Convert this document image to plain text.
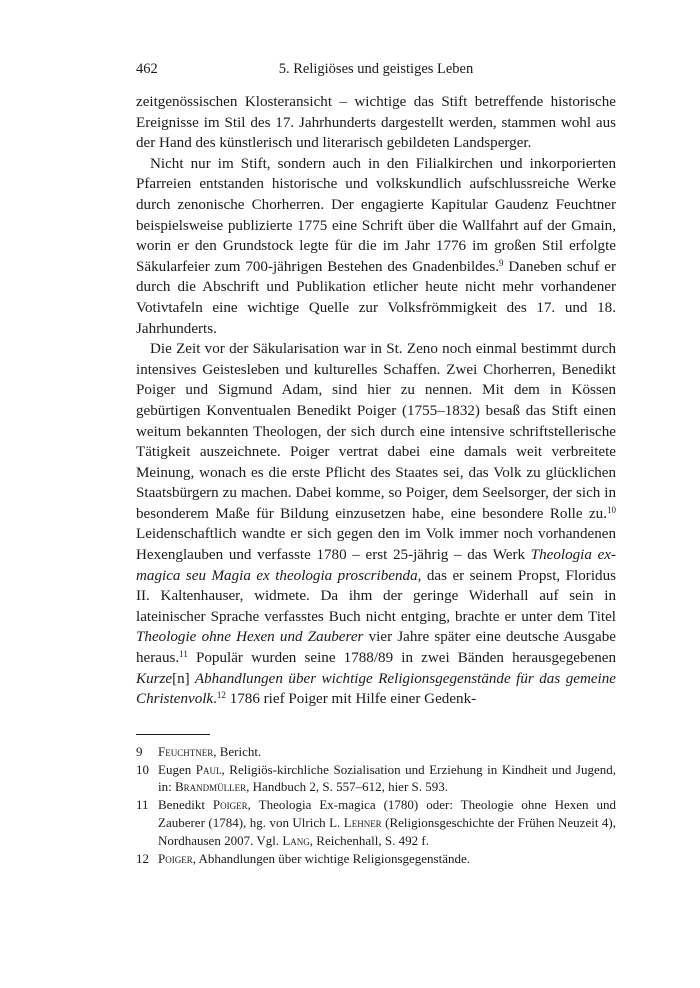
462	5. Religiöses und geistiges Leben

zeitgenössischen Klosteransicht – wichtige das Stift betreffende historische Ereignisse im Stil des 17. Jahrhunderts dargestellt werden, stammen wohl aus der Hand des künstlerisch und literarisch gebildeten Landsperger.

Nicht nur im Stift, sondern auch in den Filialkirchen und inkorporierten Pfarreien entstanden historische und volkskundlich aufschlussreiche Werke durch zenonische Chorherren. Der engagierte Kapitular Gaudenz Feuchtner beispielsweise publizierte 1775 eine Schrift über die Wallfahrt auf der Gmain, worin er den Grundstock legte für die im Jahr 1776 im großen Stil erfolgte Säkularfeier zum 700-jährigen Bestehen des Gnadenbildes.$^9$ Daneben schuf er durch die Abschrift und Publikation etlicher heute nicht mehr vorhandener Votivtafeln eine wichtige Quelle zur Volksfrömmigkeit des 17. und 18. Jahrhunderts.

Die Zeit vor der Säkularisation war in St. Zeno noch einmal bestimmt durch intensives Geistesleben und kulturelles Schaffen. Zwei Chorherren, Benedikt Poiger und Sigmund Adam, sind hier zu nennen. Mit dem in Kössen gebürtigen Konventualen Benedikt Poiger (1755–1832) besaß das Stift einen weitum bekannten Theologen, der sich durch eine intensive schriftstellerische Tätigkeit auszeichnete. Poiger vertrat dabei eine damals weit verbreitete Meinung, wonach es die erste Pflicht des Staates sei, das Volk zu glücklichen Staatsbürgern zu machen. Dabei komme, so Poiger, dem Seelsorger, der sich in besonderem Maße für Bildung einzusetzen habe, eine besondere Rolle zu.$^{10}$ Leidenschaftlich wandte er sich gegen den im Volk immer noch vorhandenen Hexenglauben und verfasste 1780 – erst 25-jährig – das Werk Theologia ex-magica seu Magia ex theologia proscribenda, das er seinem Propst, Floridus II. Kaltenhauser, widmete. Da ihm der geringe Widerhall auf sein in lateinischer Sprache verfasstes Buch nicht entging, brachte er unter dem Titel Theologie ohne Hexen und Zauberer vier Jahre später eine deutsche Ausgabe heraus.$^{11}$ Populär wurden seine 1788/89 in zwei Bänden herausgegebenen Kurze[n] Abhandlungen über wichtige Religionsgegenstände für das gemeine Christenvolk.$^{12}$ 1786 rief Poiger mit Hilfe einer Gedenk-

9	Feuchtner, Bericht.
10 Eugen Paul, Religiös-kirchliche Sozialisation und Erziehung in Kindheit und Jugend, in: Brandmüller, Handbuch 2, S. 557–612, hier S. 593.
11 Benedikt Poiger, Theologia Ex-magica (1780) oder: Theologie ohne Hexen und Zauberer (1784), hg. von Ulrich L. Lehner (Religionsgeschichte der Frühen Neuzeit 4), Nordhausen 2007. Vgl. Lang, Reichenhall, S. 492 f.
12 Poiger, Abhandlungen über wichtige Religionsgegenstände.
